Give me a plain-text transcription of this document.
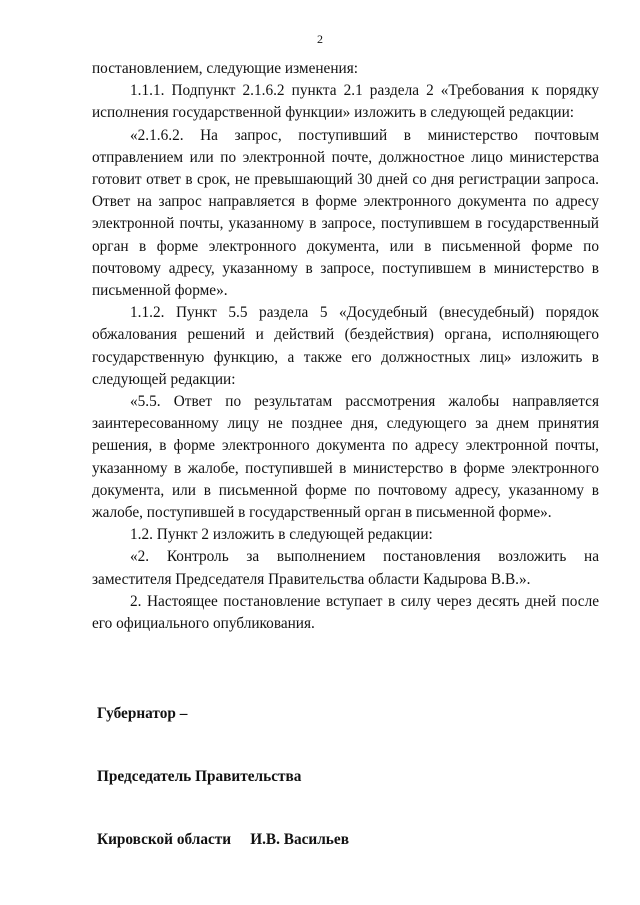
2

постановлением, следующие изменения:

1.1.1. Подпункт 2.1.6.2 пункта 2.1 раздела 2 «Требования к порядку исполнения государственной функции» изложить в следующей редакции:

«2.1.6.2. На запрос, поступивший в министерство почтовым отправлением или по электронной почте, должностное лицо министерства готовит ответ в срок, не превышающий 30 дней со дня регистрации запроса. Ответ на запрос направляется в форме электронного документа по адресу электронной почты, указанному в запросе, поступившем в государственный орган в форме электронного документа, или в письменной форме по почтовому адресу, указанному в запросе, поступившем в министерство в письменной форме».

1.1.2. Пункт 5.5 раздела 5 «Досудебный (внесудебный) порядок обжалования решений и действий (бездействия) органа, исполняющего государственную функцию, а также его должностных лиц» изложить в следующей редакции:

«5.5. Ответ по результатам рассмотрения жалобы направляется заинтересованному лицу не позднее дня, следующего за днем принятия решения, в форме электронного документа по адресу электронной почты, указанному в жалобе, поступившей в министерство в форме электронного документа, или в письменной форме по почтовому адресу, указанному в жалобе, поступившей в государственный орган в письменной форме».

1.2. Пункт 2 изложить в следующей редакции:

«2. Контроль за выполнением постановления возложить на заместителя Председателя Правительства области Кадырова В.В.».

2. Настоящее постановление вступает в силу через десять дней после его официального опубликования.

Губернатор –

Председатель Правительства

Кировской области     И.В. Васильев
